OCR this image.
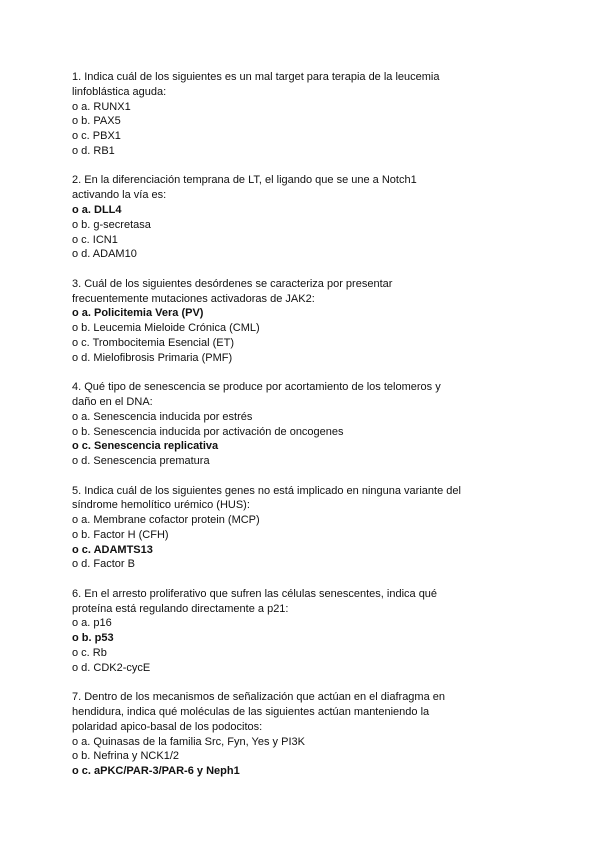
1. Indica cuál de los siguientes es un mal target para terapia de la leucemia linfoblástica aguda:

o a. RUNX1

o b. PAX5

o c. PBX1

o d. RB1

2. En la diferenciación temprana de LT, el ligando que se une a Notch1 activando la vía es:

o a. DLL4

o b. g-secretasa

o c. ICN1

o d. ADAM10

3. Cuál de los siguientes desórdenes se caracteriza por presentar frecuentemente mutaciones activadoras de JAK2:

o a. Policitemia Vera (PV)

o b. Leucemia Mieloide Crónica (CML)

o c. Trombocitemia Esencial (ET)

o d. Mielofibrosis Primaria (PMF)

4. Qué tipo de senescencia se produce por acortamiento de los telomeros y daño en el DNA:

o a. Senescencia inducida por estrés

o b. Senescencia inducida por activación de oncogenes

o c. Senescencia replicativa

o d. Senescencia prematura

5. Indica cuál de los siguientes genes no está implicado en ninguna variante del síndrome hemolítico urémico (HUS):

o a. Membrane cofactor protein (MCP)

o b. Factor H (CFH)

o c. ADAMTS13

o d. Factor B

6. En el arresto proliferativo que sufren las células senescentes, indica qué proteína está regulando directamente a p21:

o a. p16

o b. p53

o c. Rb

o d. CDK2-cycE

7. Dentro de los mecanismos de señalización que actúan en el diafragma en hendidura, indica qué moléculas de las siguientes actúan manteniendo la polaridad apico-basal de los podocitos:

o a. Quinasas de la familia Src, Fyn, Yes y PI3K

o b. Nefrina y NCK1/2

o c. aPKC/PAR-3/PAR-6 y Neph1
